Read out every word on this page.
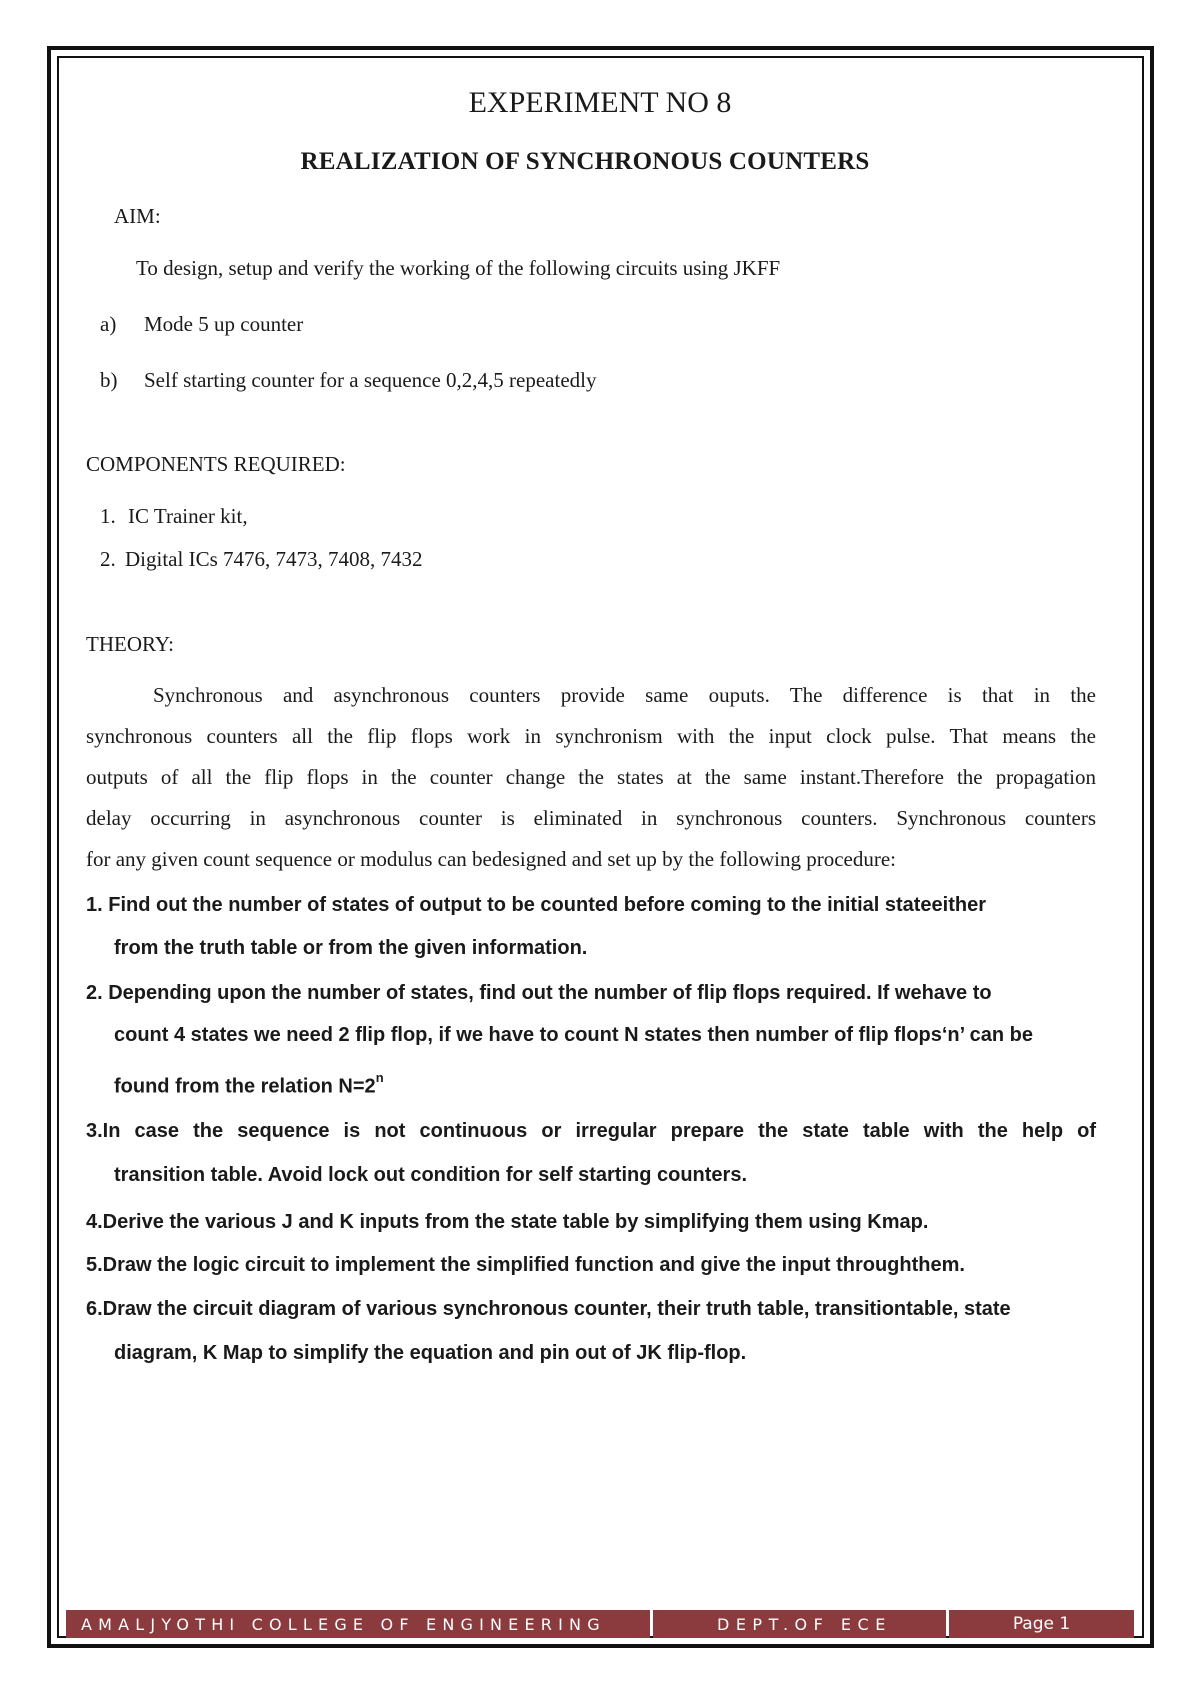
EXPERIMENT NO 8
REALIZATION OF SYNCHRONOUS COUNTERS
AIM:
To design, setup and verify the working of the following circuits using JKFF
a) Mode 5 up counter
b) Self starting counter for a sequence 0,2,4,5 repeatedly
COMPONENTS REQUIRED:
1. IC Trainer kit,
2. Digital ICs 7476, 7473, 7408, 7432
THEORY:
Synchronous and asynchronous counters provide same ouputs. The difference is that in the
synchronous counters all the flip flops work in synchronism with the input clock pulse. That means the
outputs of all the flip flops in the counter change the states at the same instant.Therefore the propagation
delay occurring in asynchronous counter is eliminated in synchronous counters. Synchronous counters
for any given count sequence or modulus can bedesigned and set up by the following procedure:
1. Find out the number of states of output to be counted before coming to the initial stateeither
from the truth table or from the given information.
2. Depending upon the number of states, find out the number of flip flops required. If wehave to
count 4 states we need 2 flip flop, if we have to count N states then number of flip flops‘n’ can be
found from the relation $N=2^n$
3.In case the sequence is not continuous or irregular prepare the state table with the help of
transition table. Avoid lock out condition for self starting counters.
4.Derive the various J and K inputs from the state table by simplifying them using Kmap.
5.Draw the logic circuit to implement the simplified function and give the input throughthem.
6.Draw the circuit diagram of various synchronous counter, their truth table, transitiontable, state
diagram, K Map to simplify the equation and pin out of JK flip-flop.
AMALJYOTHI COLLEGE OF ENGINEERING	DEPT.OF ECE	Page 1
